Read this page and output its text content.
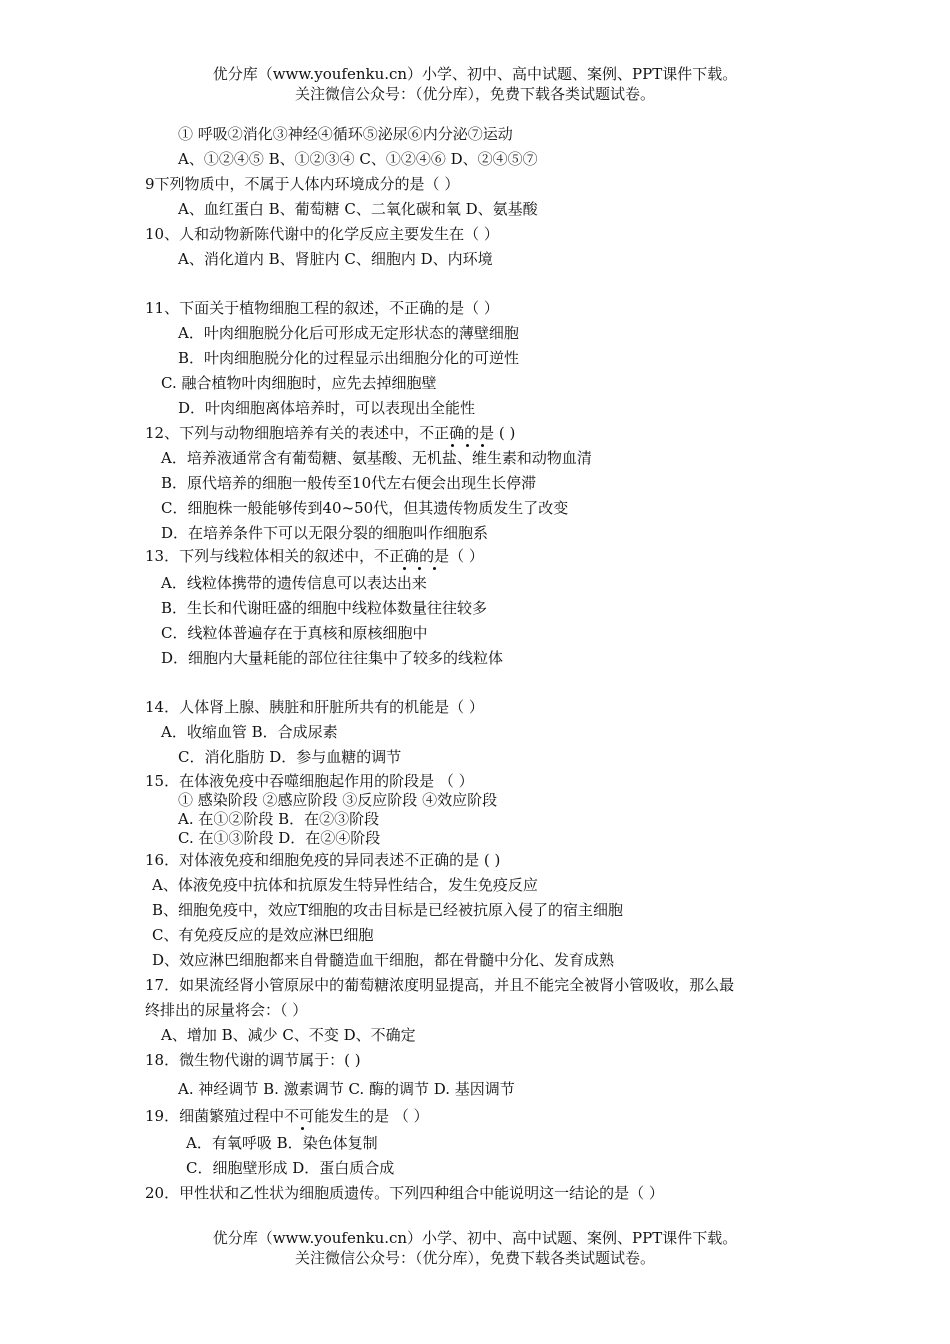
优分库（www.youfenku.cn）小学、初中、高中试题、案例、PPT课件下载。
关注微信公众号：（优分库），免费下载各类试题试卷。
① 呼吸②消化③神经④循环⑤泌尿⑥内分泌⑦运动
A、①②④⑤ B、①②③④ C、①②④⑥ D、②④⑤⑦
9下列物质中，不属于人体内环境成分的是（ ）
A、血红蛋白 B、葡萄糖 C、二氧化碳和氧 D、氨基酸
10、人和动物新陈代谢中的化学反应主要发生在（ ）
A、消化道内 B、肾脏内 C、细胞内 D、内环境
11、下面关于植物细胞工程的叙述，不正确的是（ ）
A．叶肉细胞脱分化后可形成无定形状态的薄壁细胞
B．叶肉细胞脱分化的过程显示出细胞分化的可逆性
C. 融合植物叶肉细胞时，应先去掉细胞壁
D．叶肉细胞离体培养时，可以表现出全能性
12、下列与动物细胞培养有关的表述中，不正确的是 ( )
A．培养液通常含有葡萄糖、氨基酸、无机盐、维生素和动物血清
B．原代培养的细胞一般传至10代左右便会出现生长停滞
C．细胞株一般能够传到40~50代，但其遗传物质发生了改变
D．在培养条件下可以无限分裂的细胞叫作细胞系
13．下列与线粒体相关的叙述中，不正确的是（ ）
A．线粒体携带的遗传信息可以表达出来
B．生长和代谢旺盛的细胞中线粒体数量往往较多
C．线粒体普遍存在于真核和原核细胞中
D．细胞内大量耗能的部位往往集中了较多的线粒体
14．人体肾上腺、胰脏和肝脏所共有的机能是（ ）
A．收缩血管 B．合成尿素
C．消化脂肪 D．参与血糖的调节
15．在体液免疫中吞噬细胞起作用的阶段是 （ ）
① 感染阶段 ②感应阶段 ③反应阶段 ④效应阶段
A. 在①②阶段 B．在②③阶段
C. 在①③阶段 D．在②④阶段
16．对体液免疫和细胞免疫的异同表述不正确的是 ( )
A、体液免疫中抗体和抗原发生特异性结合，发生免疫反应
B、细胞免疫中，效应T细胞的攻击目标是已经被抗原入侵了的宿主细胞
C、有免疫反应的是效应淋巴细胞
D、效应淋巴细胞都来自骨髓造血干细胞，都在骨髓中分化、发育成熟
17．如果流经肾小管原尿中的葡萄糖浓度明显提高，并且不能完全被肾小管吸收，那么最
终排出的尿量将会：（ ）
A、增加 B、减少 C、不变 D、不确定
18．微生物代谢的调节属于：( )
A. 神经调节 B. 激素调节 C. 酶的调节 D. 基因调节
19．细菌繁殖过程中不可能发生的是 （ ）
A．有氧呼吸 B．染色体复制
C．细胞壁形成 D．蛋白质合成
20．甲性状和乙性状为细胞质遗传。下列四种组合中能说明这一结论的是（ ）
优分库（www.youfenku.cn）小学、初中、高中试题、案例、PPT课件下载。
关注微信公众号：（优分库），免费下载各类试题试卷。
